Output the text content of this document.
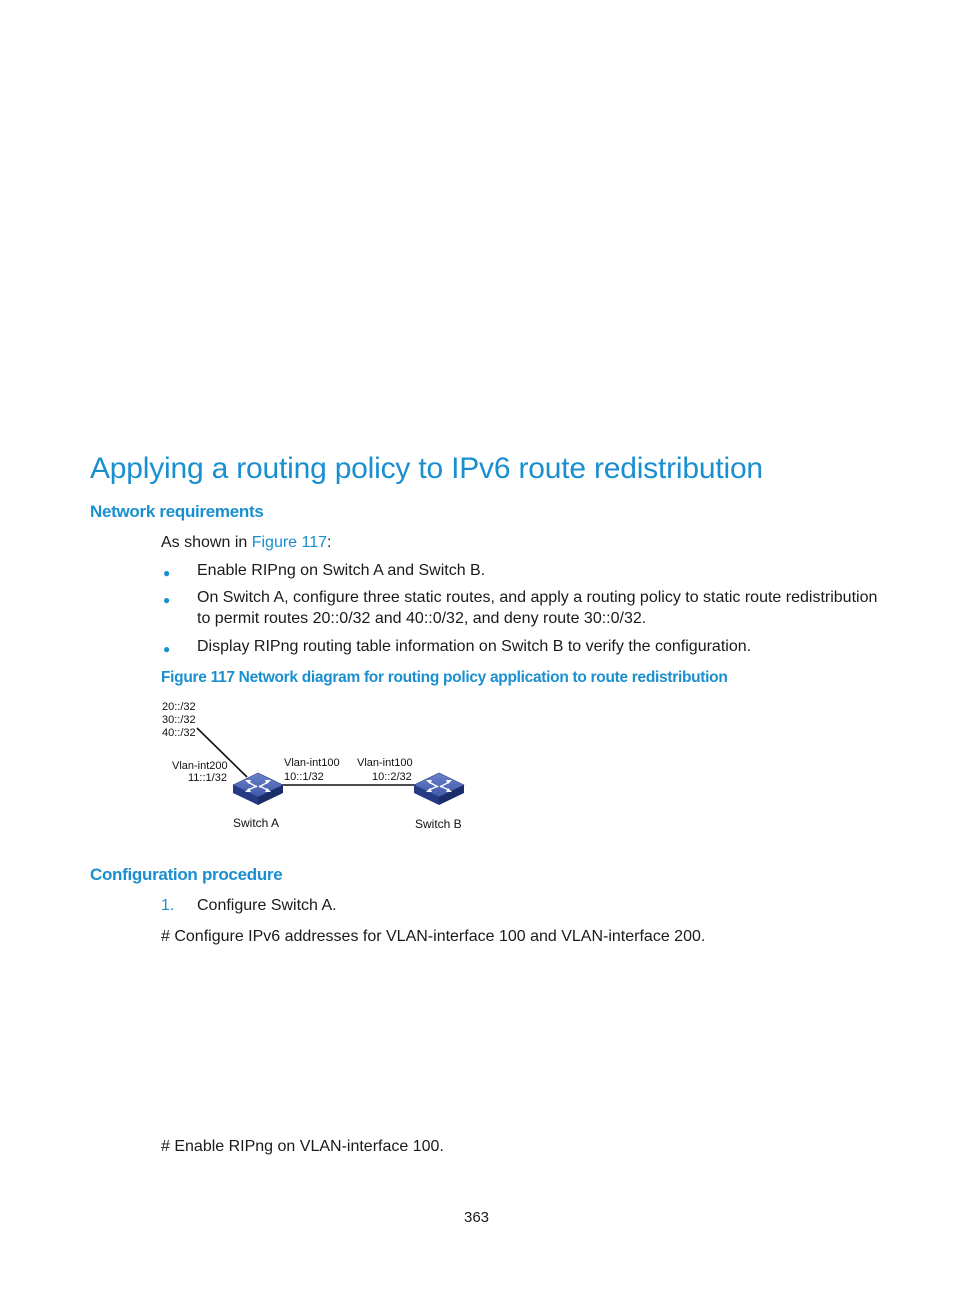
Applying a routing policy to IPv6 route redistribution
Network requirements
As shown in Figure 117:
● Enable RIPng on Switch A and Switch B.
● On Switch A, configure three static routes, and apply a routing policy to static route redistribution
to permit routes 20::0/32 and 40::0/32, and deny route 30::0/32.
● Display RIPng routing table information on Switch B to verify the configuration.
Figure 117 Network diagram for routing policy application to route redistribution
20::/32
30::/32
40::/32
Vlan-int200
11::1/32
Vlan-int100
10::1/32
Vlan-int100
10::2/32
Switch A	Switch B
Configuration procedure
1. Configure Switch A.
# Configure IPv6 addresses for VLAN-interface 100 and VLAN-interface 200.
# Enable RIPng on VLAN-interface 100.
363
